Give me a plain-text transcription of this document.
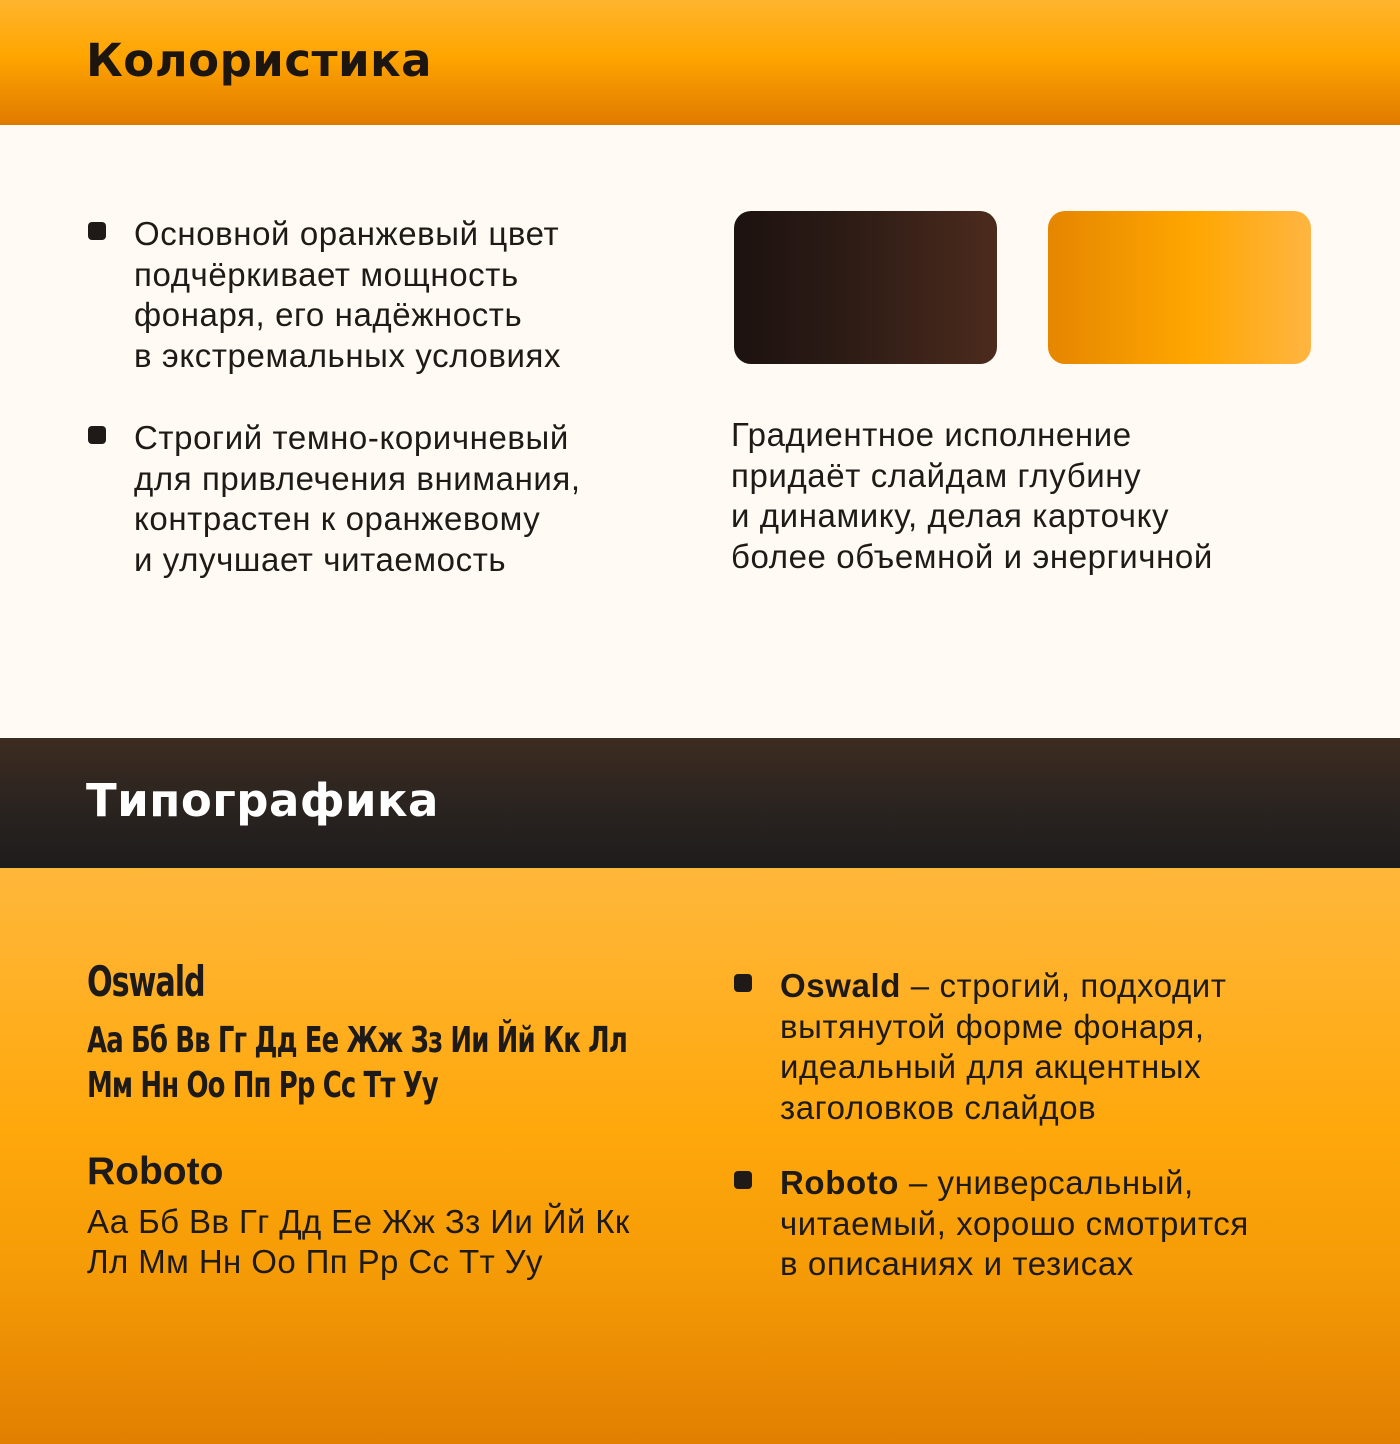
Колористика
Основной оранжевый цвет
подчёркивает мощность
фонаря, его надёжность
в экстремальных условиях
Строгий темно-коричневый
для привлечения внимания,
контрастен к оранжевому
и улучшает читаемость
Градиентное исполнение
придаёт слайдам глубину
и динамику, делая карточку
более объемной и энергичной
Типографика
Oswald
Аа Бб Вв Гг Дд Ее Жж Зз Ии Йй Кк Лл
Мм Нн Оо Пп Рр Сс Тт Уу
Roboto
Аа Бб Вв Гг Дд Ее Жж Зз Ии Йй Кк
Лл Мм Нн Оо Пп Рр Сс Тт Уу
Oswald – строгий, подходит
вытянутой форме фонаря,
идеальный для акцентных
заголовков слайдов
Roboto – универсальный,
читаемый, хорошо смотрится
в описаниях и тезисах
